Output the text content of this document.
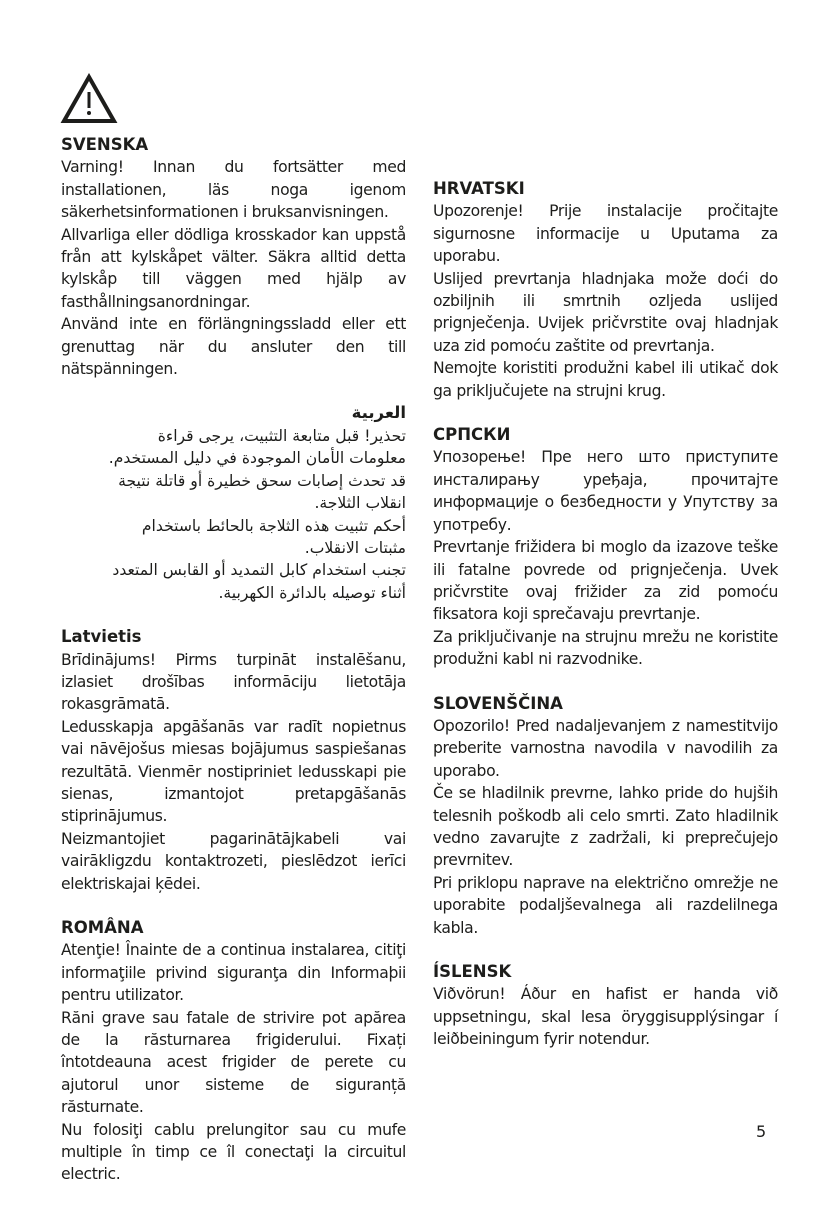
SVENSKA
Varning! Innan du fortsätter med installationen, läs noga igenom säkerhetsinformationen i bruksanvisningen.
Allvarliga eller dödliga krosskador kan uppstå från att kylskåpet välter. Säkra alltid detta kylskåp till väggen med hjälp av fasthållningsanordningar.
Använd inte en förlängningssladd eller ett grenuttag när du ansluter den till nätspänningen.
العربية
تحذير! قبل متابعة التثبيت، يرجى قراءة معلومات الأمان الموجودة في دليل المستخدم.
قد تحدث إصابات سحق خطيرة أو قاتلة نتيجة انقلاب الثلاجة.
أحكم تثبيت هذه الثلاجة بالحائط باستخدام مثبتات الانقلاب.
تجنب استخدام كابل التمديد أو القابس المتعدد أثناء توصيله بالدائرة الكهربية.
Latvietis
Brīdinājums! Pirms turpināt instalēšanu, izlasiet drošības informāciju lietotāja rokasgrāmatā.
Ledusskapja apgāšanās var radīt nopietnus vai nāvējošus miesas bojājumus saspiešanas rezultātā. Vienmēr nostipriniet ledusskapi pie sienas, izmantojot pretapgāšanās stiprinājumus.
Neizmantojiet pagarinātājkabeli vai vairākligzdu kontaktrozeti, pieslēdzot ierīci elektriskajai ķēdei.
ROMÂNA
Atenţie! Înainte de a continua instalarea, citiţi informaţiile privind siguranţa din Informaþii pentru utilizator.
Răni grave sau fatale de strivire pot apărea de la răsturnarea frigiderului. Fixați întotdeauna acest frigider de perete cu ajutorul unor sisteme de siguranță răsturnate.
Nu folosiţi cablu prelungitor sau cu mufe multiple în timp ce îl conectaţi la circuitul electric.
HRVATSKI
Upozorenje! Prije instalacije pročitajte sigurnosne informacije u Uputama za uporabu.
Uslijed prevrtanja hladnjaka može doći do ozbiljnih ili smrtnih ozljeda uslijed prignječenja. Uvijek pričvrstite ovaj hladnjak uza zid pomoću zaštite od prevrtanja.
Nemojte koristiti produžni kabel ili utikač dok ga priključujete na strujni krug.
СРПСКИ
Упозорење! Пре него што приступите инсталирању уређаја, прочитајте информације о безбедности у Упутству за употребу.
Prevrtanje frižidera bi moglo da izazove teške ili fatalne povrede od prignječenja. Uvek pričvrstite ovaj frižider za zid pomoću fiksatora koji sprečavaju prevrtanje.
Za priključivanje na strujnu mrežu ne koristite produžni kabl ni razvodnike.
SLOVENŠČINA
Opozorilo! Pred nadaljevanjem z namestitvijo preberite varnostna navodila v navodilih za uporabo.
Če se hladilnik prevrne, lahko pride do hujših telesnih poškodb ali celo smrti. Zato hladilnik vedno zavarujte z zadržali, ki preprečujejo prevrnitev.
Pri priklopu naprave na električno omrežje ne uporabite podaljševalnega ali razdelilnega kabla.
ÍSLENSK
Viðvörun! Áður en hafist er handa við uppsetningu, skal lesa öryggisupplýsingar í leiðbeiningum fyrir notendur.
5
